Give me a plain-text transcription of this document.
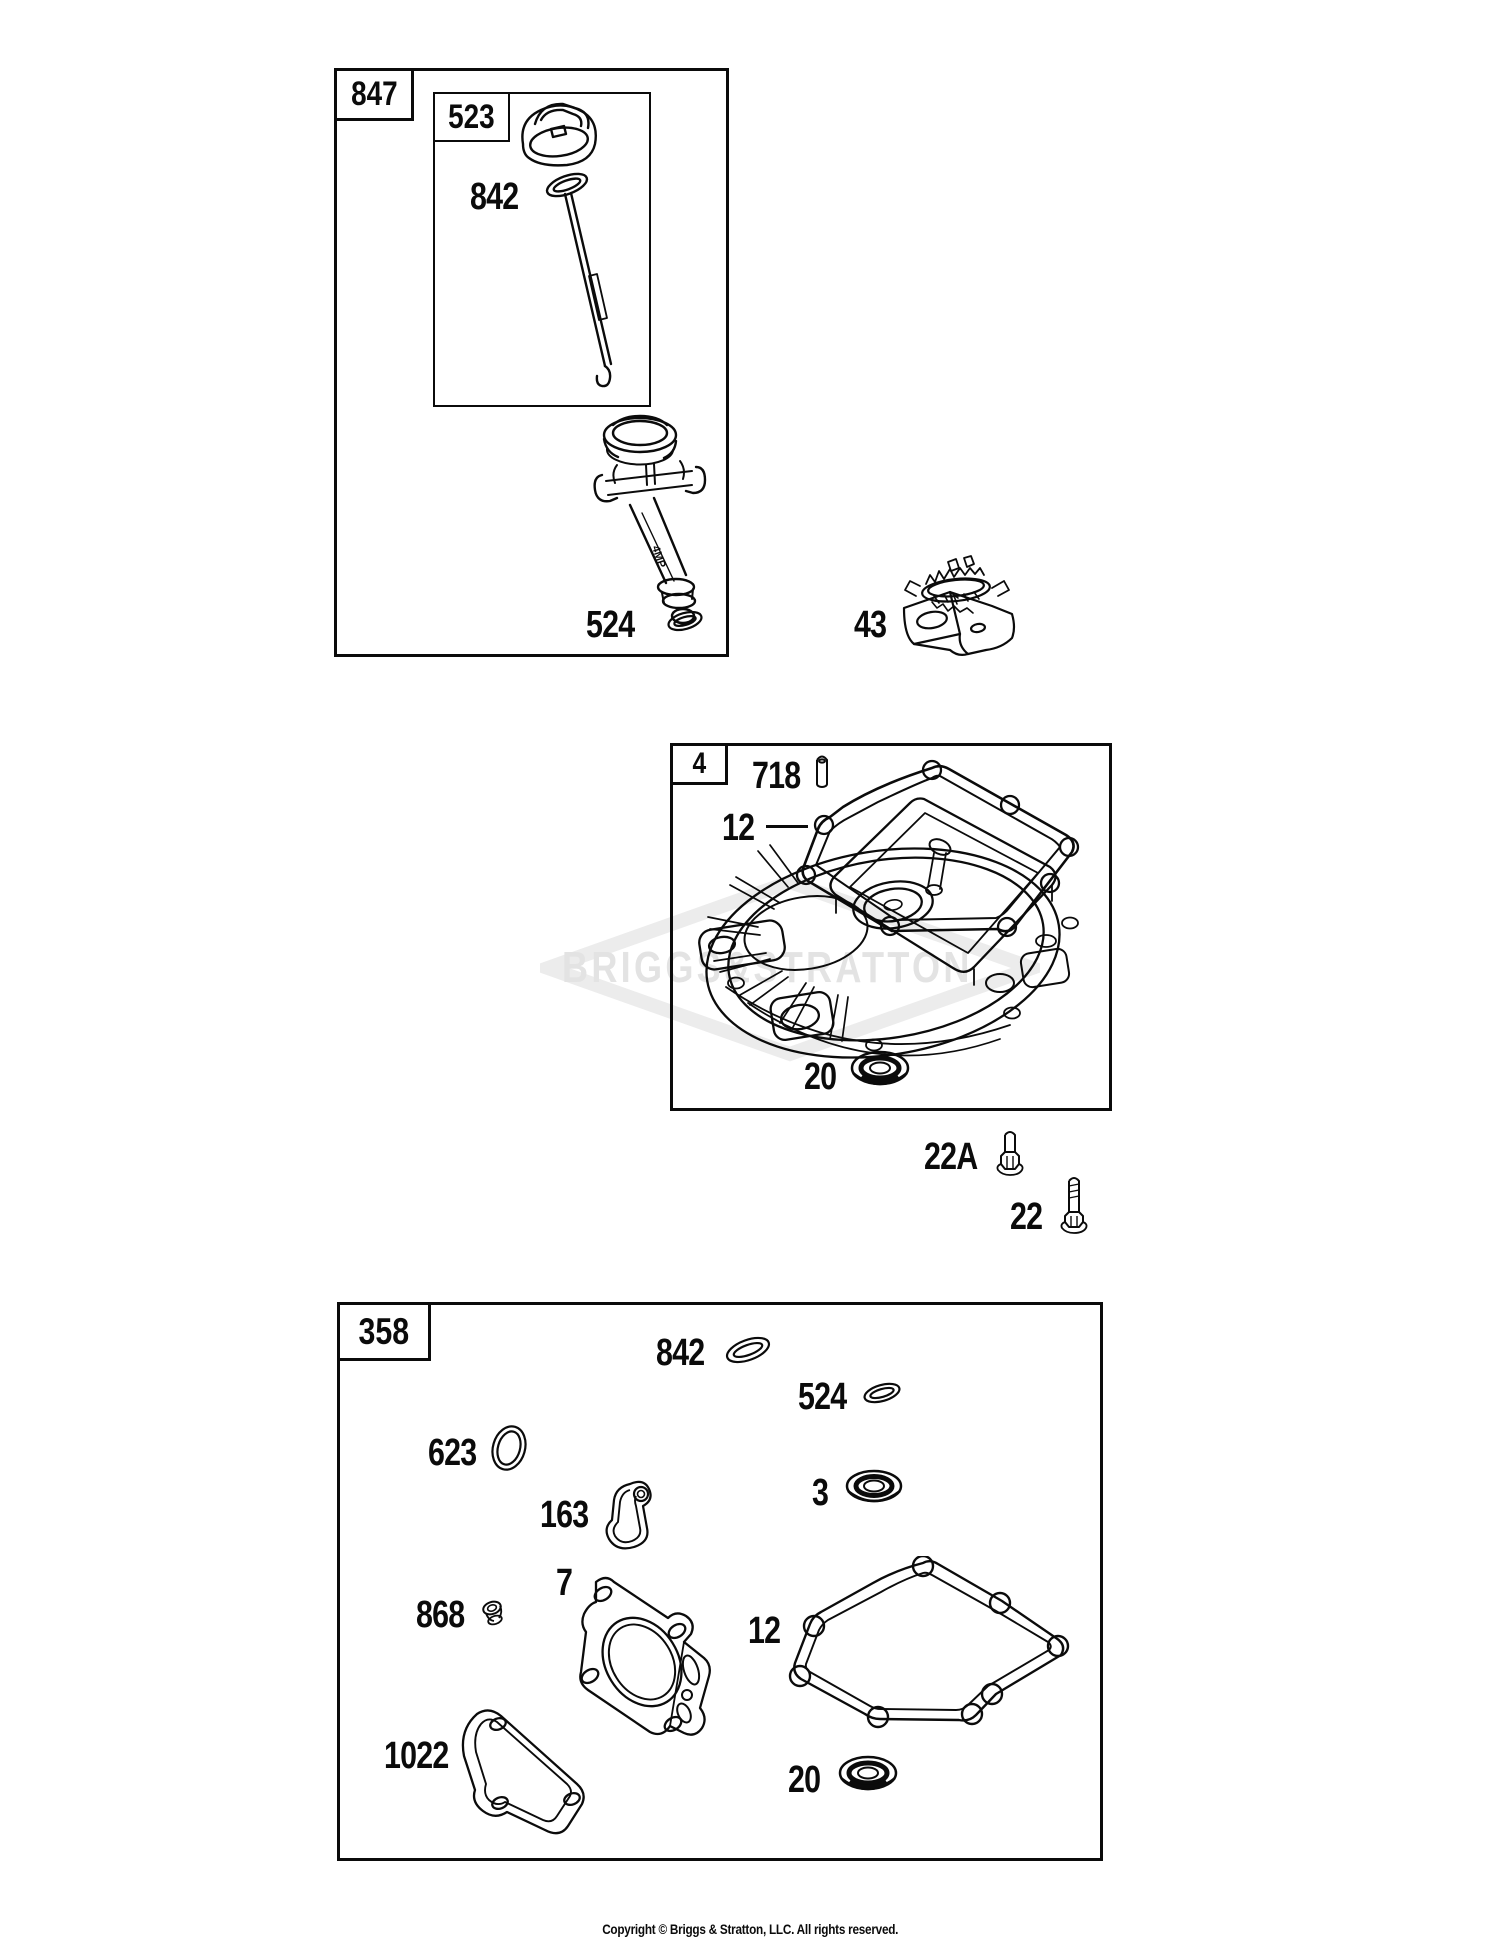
BRIGGS&STRATTON
847
523
842
4MP
524	43
4 718
12
20
22A
22
358
842
524
623
163
3
7
868	12
1022
20
Copyright © Briggs & Stratton, LLC. All rights reserved.
